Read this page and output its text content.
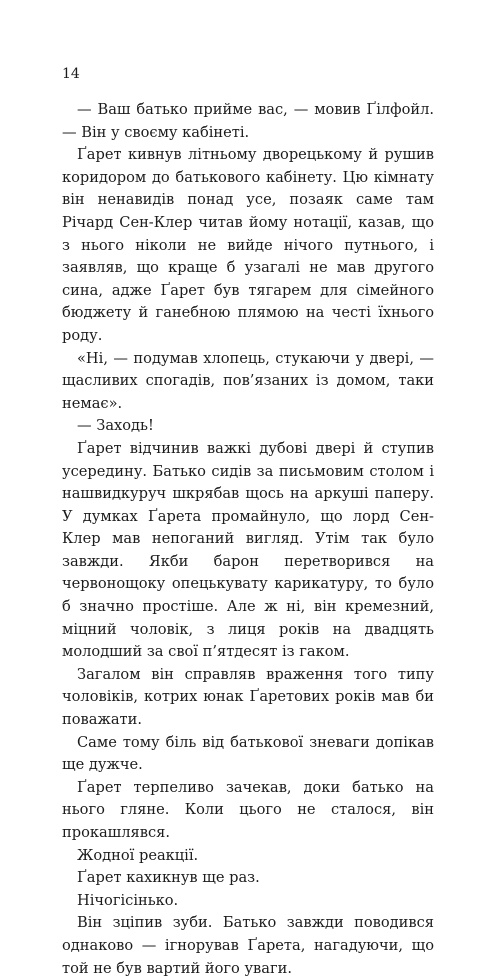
14

— Ваш батько прийме вас, — мовив Ґілфойл. — Він у своєму кабінеті.

Ґарет кивнув літньому дворецькому й рушив коридором до батькового кабінету. Цю кімнату він ненавидів понад усе, позаяк саме там Річард Сен-Клер читав йому нотації, казав, що з нього ніколи не вийде нічого путнього, і заявляв, що краще б узагалі не мав другого сина, адже Ґарет був тягарем для сімейного бюджету й ганебною плямою на честі їхнього роду.

«Ні, — подумав хлопець, стукаючи у двері, — щасливих спогадів, пов’язаних із домом, таки немає».

— Заходь!

Ґарет відчинив важкі дубові двері й ступив усередину. Батько сидів за письмовим столом і нашвидкуруч шкрябав щось на аркуші паперу. У думках Ґарета промайнуло, що лорд Сен-Клер мав непоганий вигляд. Утім так було завжди. Якби барон перетворився на червонощоку опецькувату карикатуру, то було б значно простіше. Але ж ні, він кремезний, міцний чоловік, з лиця років на двадцять молодший за свої п’ятдесят із гаком.

Загалом він справляв враження того типу чоловіків, котрих юнак Ґаретових років мав би поважати.

Саме тому біль від батькової зневаги допікав ще дужче.

Ґарет терпеливо зачекав, доки батько на нього гляне. Коли цього не сталося, він прокашлявся.

Жодної реакції.

Ґарет кахикнув ще раз.

Нічогісінько.

Він зціпив зуби. Батько завжди поводився однаково — ігнорував Ґарета, нагадуючи, що той не був вартий його уваги.
